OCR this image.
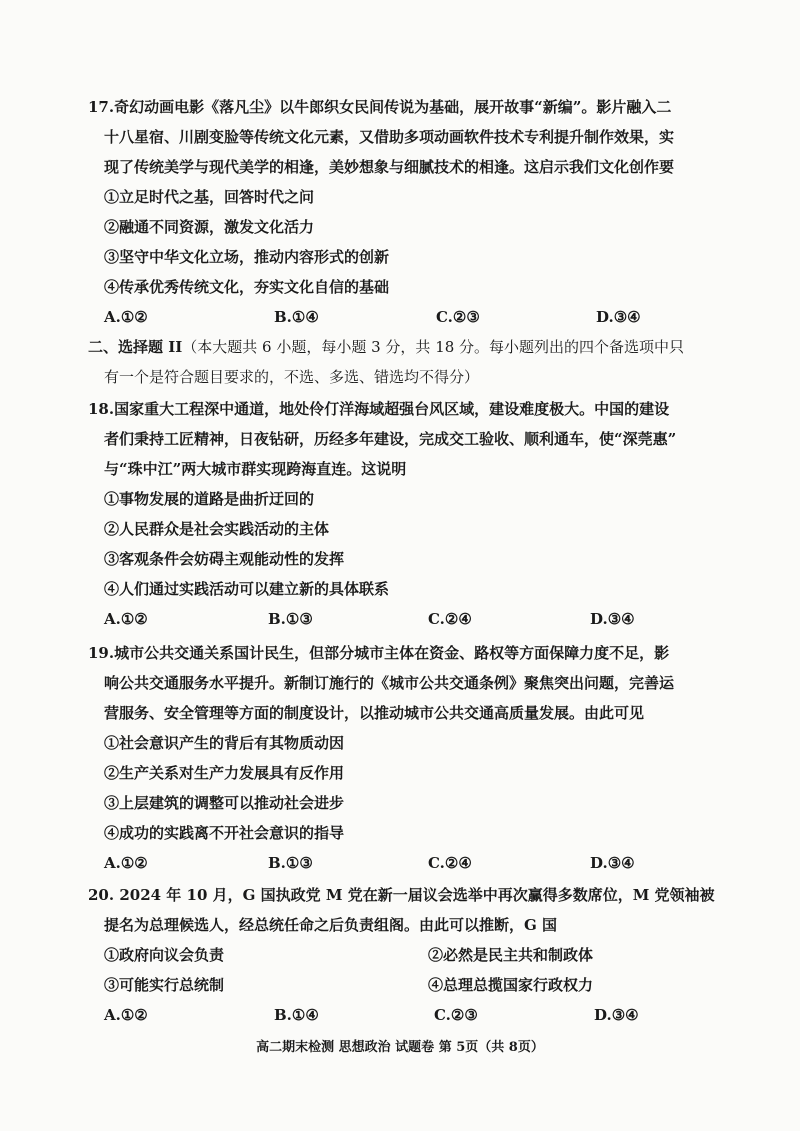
17.奇幻动画电影《落凡尘》以牛郎织女民间传说为基础，展开故事“新编”。影片融入二
十八星宿、川剧变脸等传统文化元素，又借助多项动画软件技术专利提升制作效果，实
现了传统美学与现代美学的相逢，美妙想象与细腻技术的相逢。这启示我们文化创作要
①立足时代之基，回答时代之问
②融通不同资源，激发文化活力
③坚守中华文化立场，推动内容形式的创新
④传承优秀传统文化，夯实文化自信的基础
A.①②	B.①④	C.②③	D.③④
二、选择题 II（本大题共 6 小题，每小题 3 分，共 18 分。每小题列出的四个备选项中只
有一个是符合题目要求的，不选、多选、错选均不得分）
18.国家重大工程深中通道，地处伶仃洋海域超强台风区域，建设难度极大。中国的建设
者们秉持工匠精神，日夜钻研，历经多年建设，完成交工验收、顺利通车，使“深莞惠”
与“珠中江”两大城市群实现跨海直连。这说明
①事物发展的道路是曲折迂回的
②人民群众是社会实践活动的主体
③客观条件会妨碍主观能动性的发挥
④人们通过实践活动可以建立新的具体联系
A.①②	B.①③	C.②④	D.③④
19.城市公共交通关系国计民生，但部分城市主体在资金、路权等方面保障力度不足，影
响公共交通服务水平提升。新制订施行的《城市公共交通条例》聚焦突出问题，完善运
营服务、安全管理等方面的制度设计，以推动城市公共交通高质量发展。由此可见
①社会意识产生的背后有其物质动因
②生产关系对生产力发展具有反作用
③上层建筑的调整可以推动社会进步
④成功的实践离不开社会意识的指导
A.①②	B.①③	C.②④	D.③④
20. 2024 年 10 月，G 国执政党 M 党在新一届议会选举中再次赢得多数席位，M 党领袖被
提名为总理候选人，经总统任命之后负责组阁。由此可以推断，G 国
①政府向议会负责	②必然是民主共和制政体
③可能实行总统制	④总理总揽国家行政权力
A.①②	B.①④	C.②③	D.③④
高二期末检测 思想政治 试题卷 第 5页（共 8页）
